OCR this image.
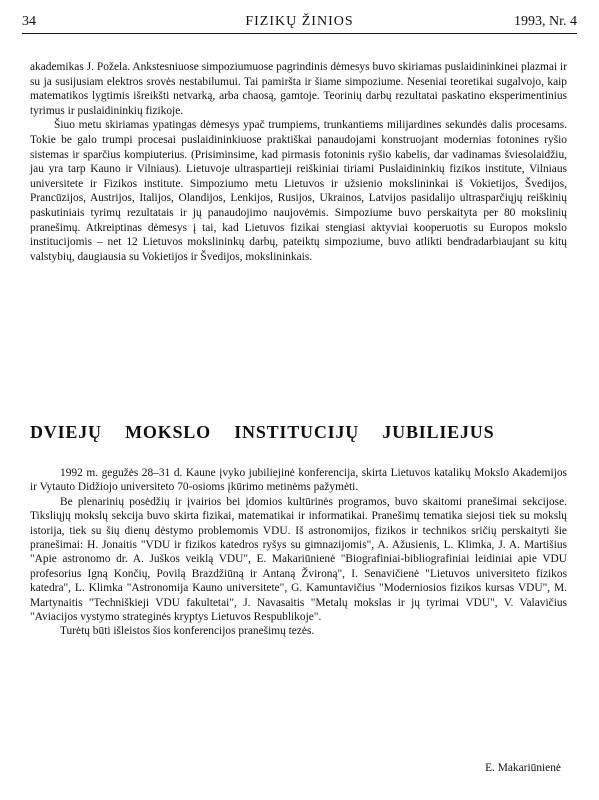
34	FIZIKŲ ŽINIOS	1993, Nr. 4

akademikas J. Požela. Ankstesniuose simpoziumuose pagrindinis dėmesys buvo skiriamas puslaidininkinei plazmai ir su ja susijusiam elektros srovės nestabilumui. Tai pamiršta ir šiame simpoziume. Neseniai teoretikai sugalvojo, kaip matematikos lygtimis išreikšti netvarką, arba chaosą, gamtoje. Teorinių darbų rezultatai paskatino eksperimentinius tyrimus ir puslaidininkių fizikoje.

Šiuo metu skiriamas ypatingas dėmesys ypač trumpiems, trunkantiems milijardines sekundės dalis procesams. Tokie be galo trumpi procesai puslaidininkiuose praktiškai panaudojami konstruojant modernias fotonines ryšio sistemas ir sparčius kompiuterius. (Prisiminsime, kad pirmasis fotoninis ryšio kabelis, dar vadinamas šviesolaidžiu, jau yra tarp Kauno ir Vilniaus). Lietuvoje ultraspartieji reiškiniai tiriami Puslaidininkių fizikos institute, Vilniaus universitete ir Fizikos institute. Simpoziumo metu Lietuvos ir užsienio mokslininkai iš Vokietijos, Švedijos, Prancūzijos, Austrijos, Italijos, Olandijos, Lenkijos, Rusijos, Ukrainos, Latvijos pasidalijo ultrasparčiųjų reiškinių paskutiniais tyrimų rezultatais ir jų panaudojimo naujovėmis. Simpoziume buvo perskaityta per 80 mokslinių pranešimų. Atkreiptinas dėmesys į tai, kad Lietuvos fizikai stengiasi aktyviai kooperuotis su Europos mokslo institucijomis – net 12 Lietuvos mokslininkų darbų, pateiktų simpoziume, buvo atlikti bendradarbiaujant su kitų valstybių, daugiausia su Vokietijos ir Švedijos, mokslininkais.

DVIEJŲ MOKSLO INSTITUCIJŲ JUBILIEJUS

1992 m. gegužės 28–31 d. Kaune įvyko jubiliejinė konferencija, skirta Lietuvos katalikų Mokslo Akademijos ir Vytauto Didžiojo universiteto 70-osioms įkūrimo metinėms pažymėti.

Be plenarinių posėdžių ir įvairios bei įdomios kultūrinės programos, buvo skaitomi pranešimai sekcijose. Tiksliųjų mokslų sekcija buvo skirta fizikai, matematikai ir informatikai. Pranešimų tematika siejosi tiek su mokslų istorija, tiek su šių dienų dėstymo problemomis VDU. Iš astronomijos, fizikos ir technikos sričių perskaityti šie pranešimai: H. Jonaitis "VDU ir fizikos katedros ryšys su gimnazijomis", A. Ažusienis, L. Klimka, J. A. Martišius "Apie astronomo dr. A. Juškos veiklą VDU", E. Makariūnienė "Biografiniai-bibliografiniai leidiniai apie VDU profesorius Igną Končių, Povilą Brazdžiūną ir Antaną Žvironą", I. Senavičienė "Lietuvos universiteto fizikos katedra", L. Klimka "Astronomija Kauno universitete", G. Kamuntavičius "Moderniosios fizikos kursas VDU", M. Martynaitis "Techniškieji VDU fakultetai", J. Navasaitis "Metalų mokslas ir jų tyrimai VDU", V. Valavičius "Aviacijos vystymo strateginės kryptys Lietuvos Respublikoje".

Turėtų būti išleistos šios konferencijos pranešimų tezės.

E. Makariūnienė
